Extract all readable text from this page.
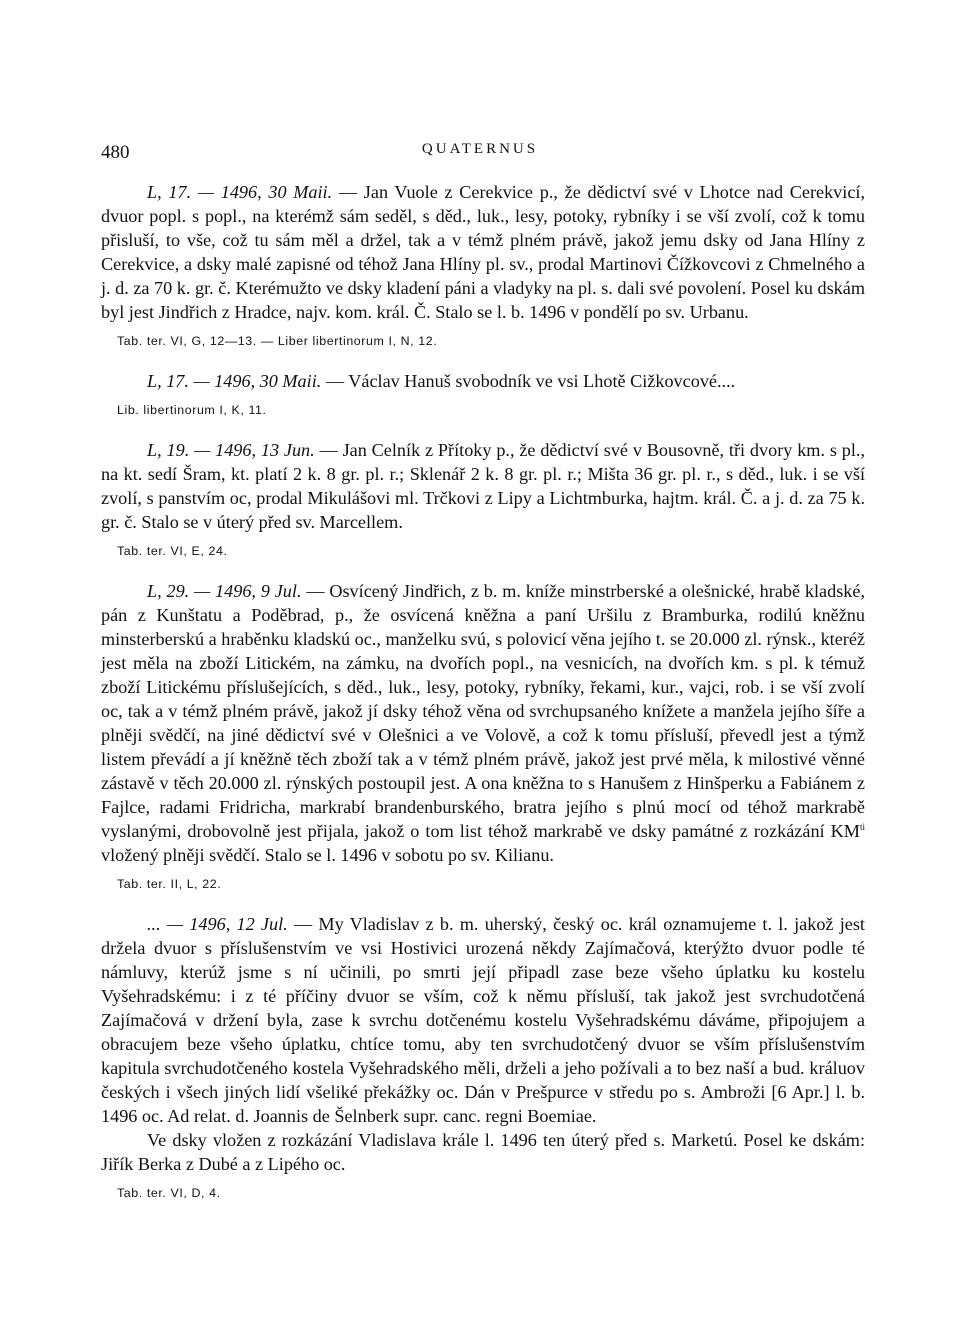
480	QUATERNUS

L, 17. — 1496, 30 Maii. — Jan Vuole z Cerekvice p., že dědictví své v Lhotce nad Cerekvicí, dvuor popl. s popl., na kterémž sám seděl, s děd., luk., lesy, potoky, rybníky i se vší zvolí, což k tomu přisluší, to vše, což tu sám měl a držel, tak a v témž plném právě, jakož jemu dsky od Jana Hlíny z Cerekvice, a dsky malé zapisné od téhož Jana Hlíny pl. sv., prodal Martinovi Čížkovcovi z Chmelného a j. d. za 70 k. gr. č. Kterémužto ve dsky kladení páni a vladyky na pl. s. dali své povolení. Posel ku dskám byl jest Jindřich z Hradce, najv. kom. král. Č. Stalo se l. b. 1496 v pondělí po sv. Urbanu.

Tab. ter. VI, G, 12—13. — Liber libertinorum I, N, 12.

L, 17. — 1496, 30 Maii. — Václav Hanuš svobodník ve vsi Lhotě Cižkovcové....

Lib. libertinorum I, K, 11.

L, 19. — 1496, 13 Jun. — Jan Celník z Přítoky p., že dědictví své v Bousovně, tři dvory km. s pl., na kt. sedí Šram, kt. platí 2 k. 8 gr. pl. r.; Sklenář 2 k. 8 gr. pl. r.; Mišta 36 gr. pl. r., s děd., luk. i se vší zvolí, s panstvím oc, prodal Mikulášovi ml. Trčkovi z Lipy a Lichtmburka, hajtm. král. Č. a j. d. za 75 k. gr. č. Stalo se v úterý před sv. Marcellem.

Tab. ter. VI, E, 24.

L, 29. — 1496, 9 Jul. — Osvícený Jindřich, z b. m. kníže minstrberské a olešnické, hrabě kladské, pán z Kunštatu a Poděbrad, p., že osvícená kněžna a paní Uršilu z Bramburka, rodilú kněžnu minsterberskú a hraběnku kladskú oc., manželku svú, s polovicí věna jejího t. se 20.000 zl. rýnsk., kteréž jest měla na zboží Litickém, na zámku, na dvořích popl., na vesnicích, na dvořích km. s pl. k témuž zboží Litickému příslušejících, s děd., luk., lesy, potoky, rybníky, řekami, kur., vajci, rob. i se vší zvolí oc, tak a v témž plném právě, jakož jí dsky téhož věna od svrchupsaného knížete a manžela jejího šíře a plněji svědčí, na jiné dědictví své v Olešnici a ve Volově, a což k tomu přísluší, převedl jest a týmž listem převádí a jí kněžně těch zboží tak a v témž plném právě, jakož jest prvé měla, k milostivé věnné zástavě v těch 20.000 zl. rýnských postoupil jest. A ona kněžna to s Hanušem z Hinšperku a Fabiánem z Fajlce, radami Fridricha, markrabí brandenburského, bratra jejího s plnú mocí od téhož markrabě vyslanými, drobovolně jest přijala, jakož o tom list téhož markrabě ve dsky památné z rozkázání $KM^{ti}$ vložený plněji svědčí. Stalo se l. 1496 v sobotu po sv. Kilianu.

Tab. ter. II, L, 22.

... — 1496, 12 Jul. — My Vladislav z b. m. uherský, český oc. král oznamujeme t. l. jakož jest držela dvuor s příslušenstvím ve vsi Hostivici urozená někdy Zajímačová, kterýžto dvuor podle té námluvy, kterúž jsme s ní učinili, po smrti její připadl zase beze všeho úplatku ku kostelu Vyšehradskému: i z té příčiny dvuor se vším, což k němu přísluší, tak jakož jest svrchudotčená Zajímačová v držení byla, zase k svrchu dotčenému kostelu Vyšehradskému dáváme, připojujem a obracujem beze všeho úplatku, chtíce tomu, aby ten svrchudotčený dvuor se vším příslušenstvím kapitula svrchudotčeného kostela Vyšehradského měli, drželi a jeho požívali a to bez naší a bud. králuov českých i všech jiných lidí všeliké překážky oc. Dán v Prešpurce v středu po s. Ambroži [6 Apr.] l. b. 1496 oc. Ad relat. d. Joannis de Šelnberk supr. canc. regni Boemiae.

Ve dsky vložen z rozkázání Vladislava krále l. 1496 ten úterý před s. Marketú. Posel ke dskám: Jiřík Berka z Dubé a z Lipého oc.

Tab. ter. VI, D, 4.
